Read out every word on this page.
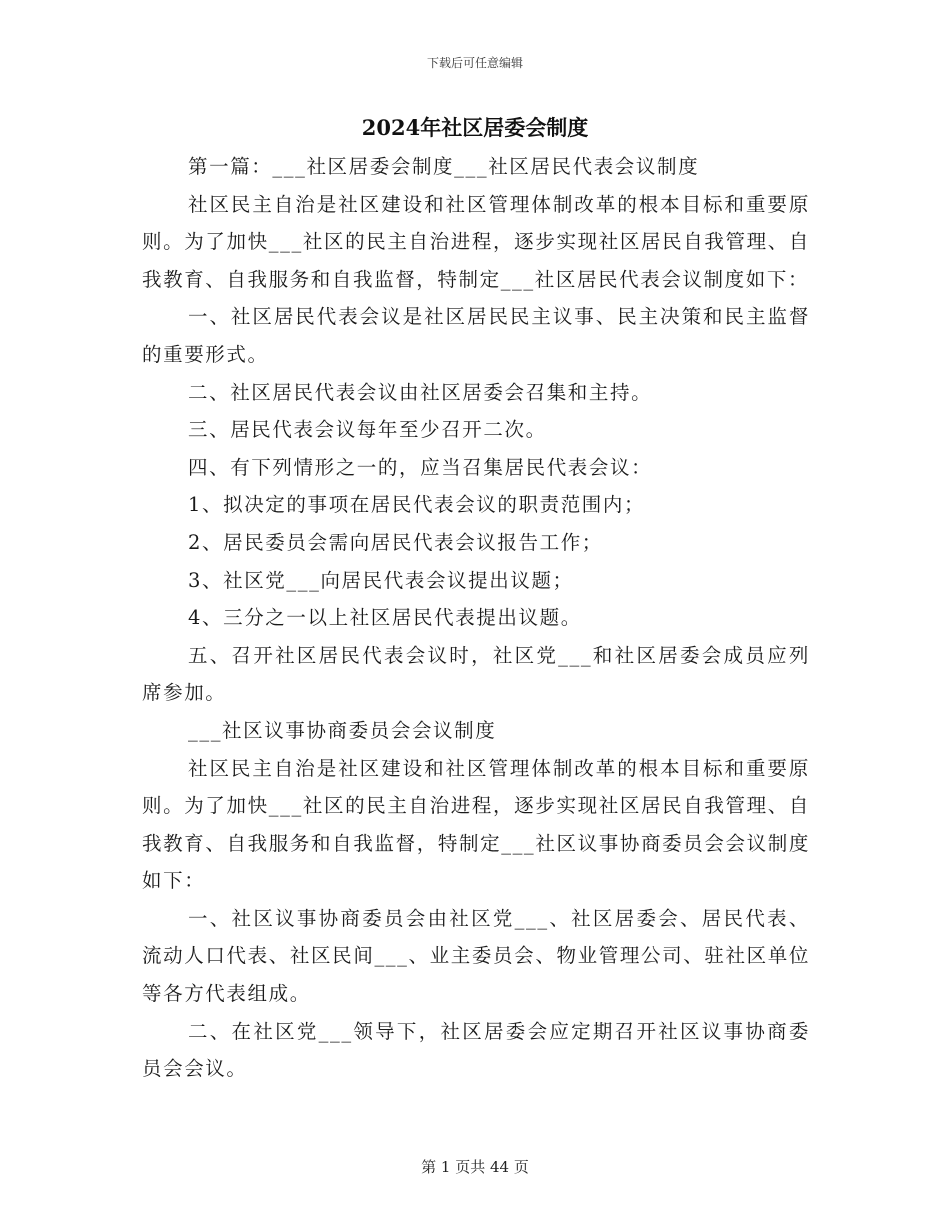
下载后可任意编辑
2024年社区居委会制度

第一篇：___社区居委会制度___社区居民代表会议制度

社区民主自治是社区建设和社区管理体制改革的根本目标和重要原则。为了加快___社区的民主自治进程，逐步实现社区居民自我管理、自我教育、自我服务和自我监督，特制定___社区居民代表会议制度如下：

一、社区居民代表会议是社区居民民主议事、民主决策和民主监督的重要形式。

二、社区居民代表会议由社区居委会召集和主持。

三、居民代表会议每年至少召开二次。

四、有下列情形之一的，应当召集居民代表会议：

1、拟决定的事项在居民代表会议的职责范围内；

2、居民委员会需向居民代表会议报告工作；

3、社区党___向居民代表会议提出议题；

4、三分之一以上社区居民代表提出议题。

五、召开社区居民代表会议时，社区党___和社区居委会成员应列席参加。

___社区议事协商委员会会议制度

社区民主自治是社区建设和社区管理体制改革的根本目标和重要原则。为了加快___社区的民主自治进程，逐步实现社区居民自我管理、自我教育、自我服务和自我监督，特制定___社区议事协商委员会会议制度如下：

一、社区议事协商委员会由社区党___、社区居委会、居民代表、流动人口代表、社区民间___、业主委员会、物业管理公司、驻社区单位等各方代表组成。

二、在社区党___领导下，社区居委会应定期召开社区议事协商委员会会议。

第 1 页共 44 页
